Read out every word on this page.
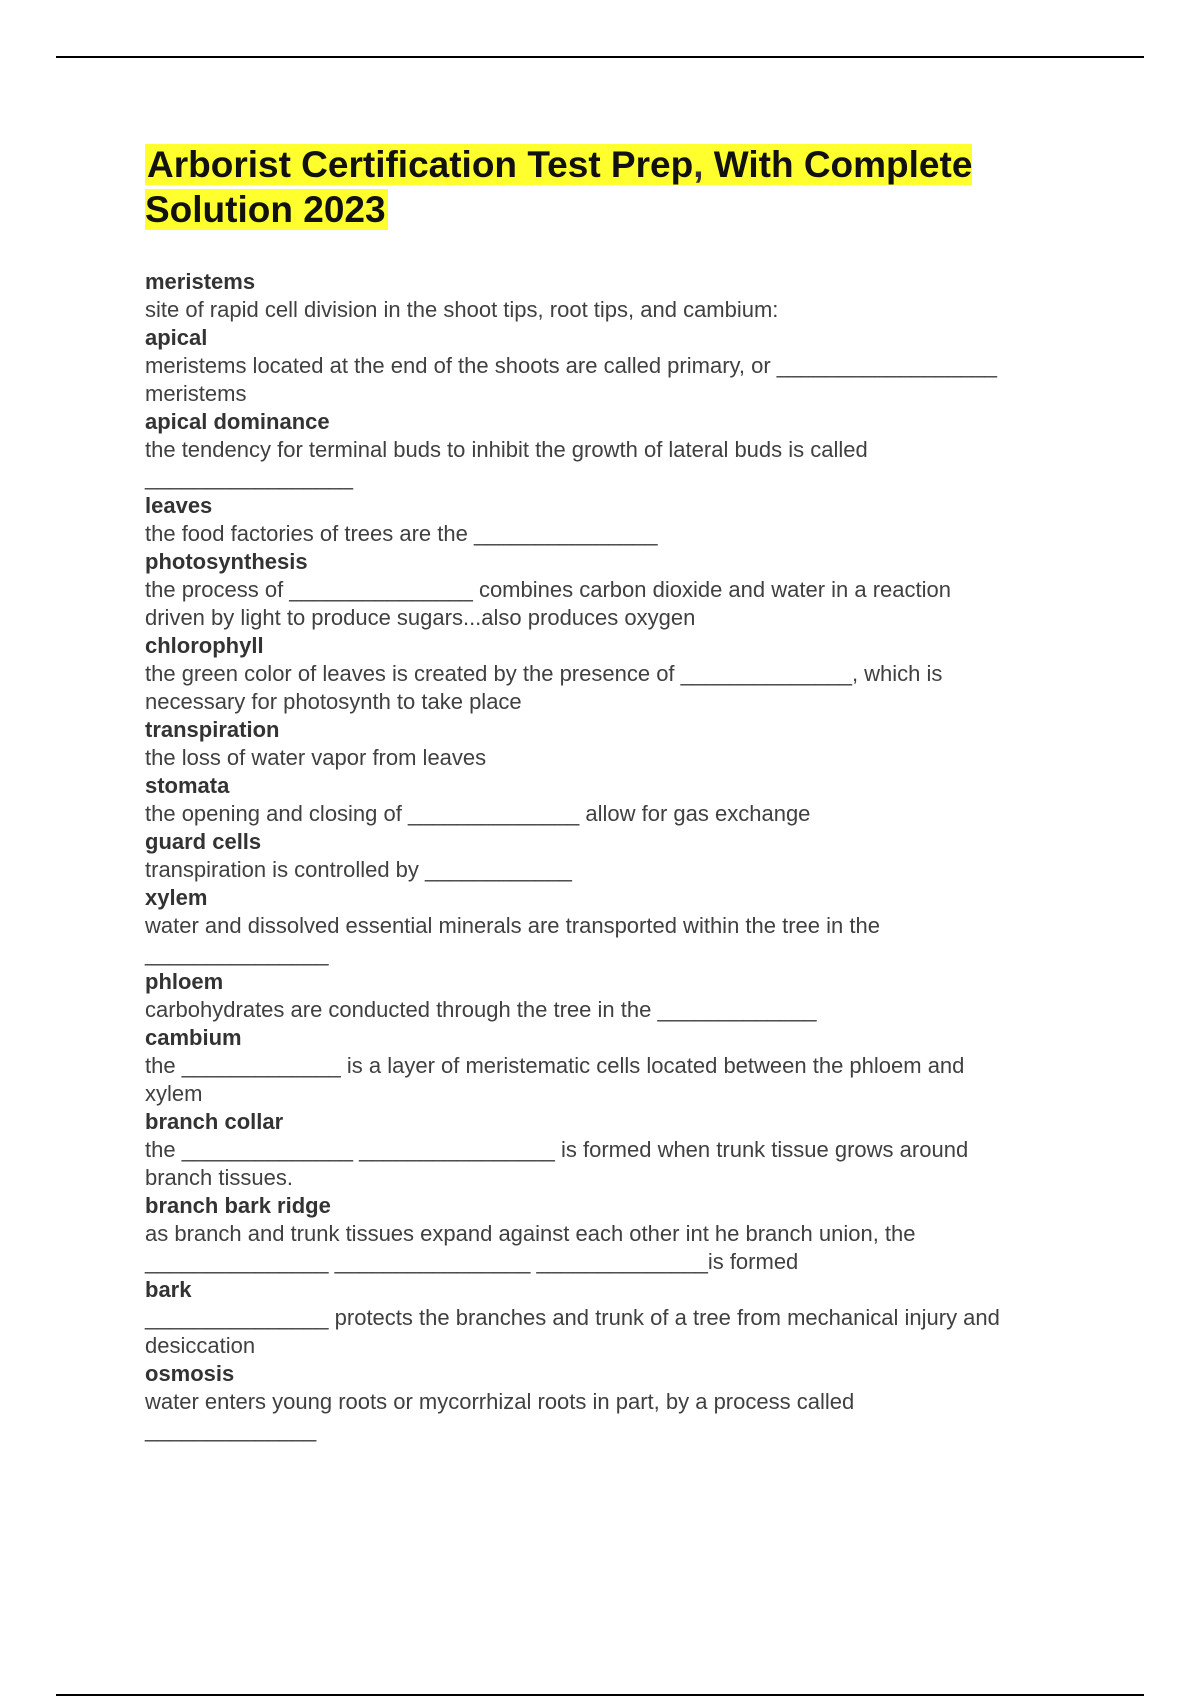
Arborist Certification Test Prep, With Complete Solution 2023
meristems
site of rapid cell division in the shoot tips, root tips, and cambium:
apical
meristems located at the end of the shoots are called primary, or __________________
meristems
apical dominance
the tendency for terminal buds to inhibit the growth of lateral buds is called
_________________
leaves
the food factories of trees are the _______________
photosynthesis
the process of _______________ combines carbon dioxide and water in a reaction
driven by light to produce sugars...also produces oxygen
chlorophyll
the green color of leaves is created by the presence of ______________, which is
necessary for photosynth to take place
transpiration
the loss of water vapor from leaves
stomata
the opening and closing of ______________ allow for gas exchange
guard cells
transpiration is controlled by ____________
xylem
water and dissolved essential minerals are transported within the tree in the
_______________
phloem
carbohydrates are conducted through the tree in the _____________
cambium
the _____________ is a layer of meristematic cells located between the phloem and
xylem
branch collar
the ______________ ________________ is formed when trunk tissue grows around
branch tissues.
branch bark ridge
as branch and trunk tissues expand against each other int he branch union, the
_______________ ________________ ______________is formed
bark
_______________ protects the branches and trunk of a tree from mechanical injury and
desiccation
osmosis
water enters young roots or mycorrhizal roots in part, by a process called
______________
